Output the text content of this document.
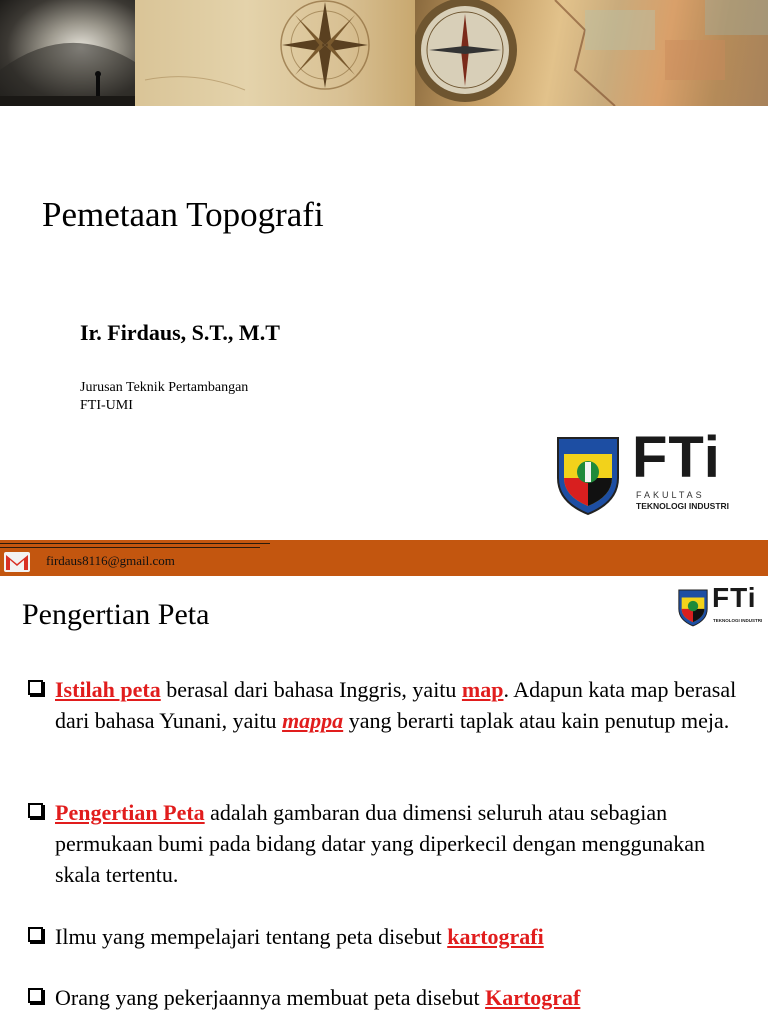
Pemetaan Topografi
Ir. Firdaus, S.T., M.T
Jurusan Teknik Pertambangan
FTI-UMI
FTi
FAKULTAS
TEKNOLOGI INDUSTRI
firdaus8116@gmail.com
Pengertian Peta
FTi
TEKNOLOGI INDUSTRI
Istilah peta berasal dari bahasa Inggris, yaitu map. Adapun kata map berasal dari bahasa Yunani, yaitu mappa yang berarti taplak atau kain penutup meja.
Pengertian Peta adalah gambaran dua dimensi seluruh atau sebagian permukaan bumi pada bidang datar yang diperkecil dengan menggunakan skala tertentu.
Ilmu yang mempelajari tentang peta disebut kartografi
Orang yang pekerjaannya membuat peta disebut Kartograf
